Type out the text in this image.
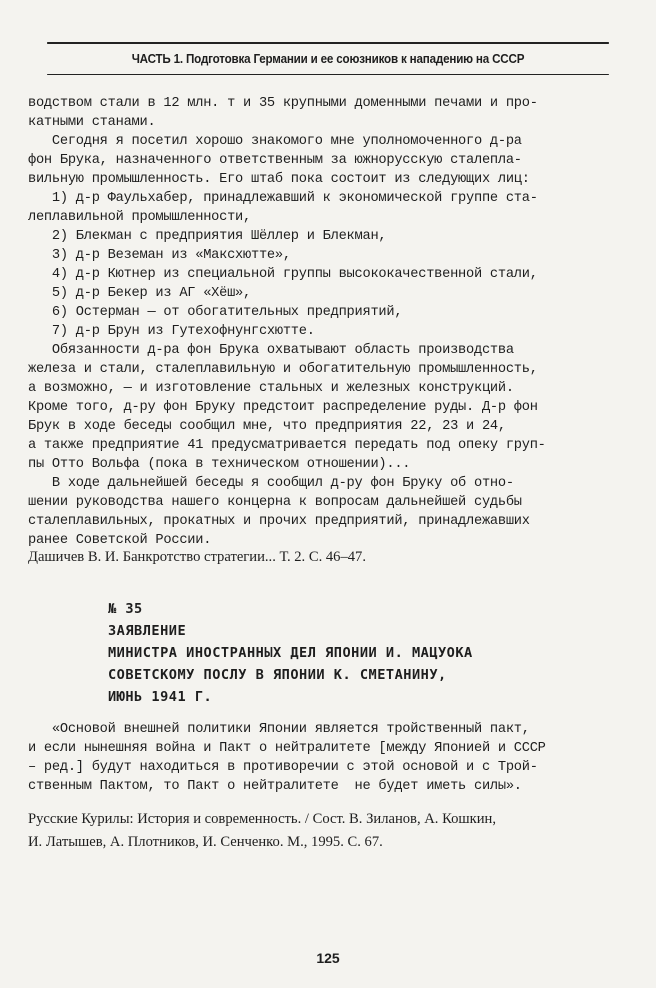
ЧАСТЬ 1. Подготовка Германии и ее союзников к нападению на СССР
водством стали в 12 млн. т и 35 крупными доменными печами и про-
катными станами.
Сегодня я посетил хорошо знакомого мне уполномоченного д-ра
фон Брука, назначенного ответственным за южнорусскую сталепла-
вильную промышленность. Его штаб пока состоит из следующих лиц:
1) д-р Фаульхабер, принадлежавший к экономической группе ста-
леплавильной промышленности,
2) Блекман с предприятия Шёллер и Блекман,
3) д-р Веземан из «Максхютте»,
4) д-р Кютнер из специальной группы высококачественной стали,
5) д-р Бекер из АГ «Хёш»,
6) Остерман — от обогатительных предприятий,
7) д-р Брун из Гутехофнунгсхютте.
Обязанности д-ра фон Брука охватывают область производства
железа и стали, сталеплавильную и обогатительную промышленность,
а возможно, — и изготовление стальных и железных конструкций.
Кроме того, д-ру фон Бруку предстоит распределение руды. Д-р фон
Брук в ходе беседы сообщил мне, что предприятия 22, 23 и 24,
а также предприятие 41 предусматривается передать под опеку груп-
пы Отто Вольфа (пока в техническом отношении)...
В ходе дальнейшей беседы я сообщил д-ру фон Бруку об отно-
шении руководства нашего концерна к вопросам дальнейшей судьбы
сталеплавильных, прокатных и прочих предприятий, принадлежавших
ранее Советской России.
Дашичев В. И. Банкротство стратегии... Т. 2. С. 46–47.
№ 35
ЗАЯВЛЕНИЕ
МИНИСТРА ИНОСТРАННЫХ ДЕЛ ЯПОНИИ И. МАЦУОКА
СОВЕТСКОМУ ПОСЛУ В ЯПОНИИ К. СМЕТАНИНУ,
ИЮНЬ 1941 Г.
«Основой внешней политики Японии является тройственный пакт,
и если нынешняя война и Пакт о нейтралитете [между Японией и СССР
– ред.] будут находиться в противоречии с этой основой и с Трой-
ственным Пактом, то Пакт о нейтралитете  не будет иметь силы».
Русские Курилы: История и современность. / Сост. В. Зиланов, А. Кошкин,
И. Латышев, А. Плотников, И. Сенченко. М., 1995. С. 67.
125
